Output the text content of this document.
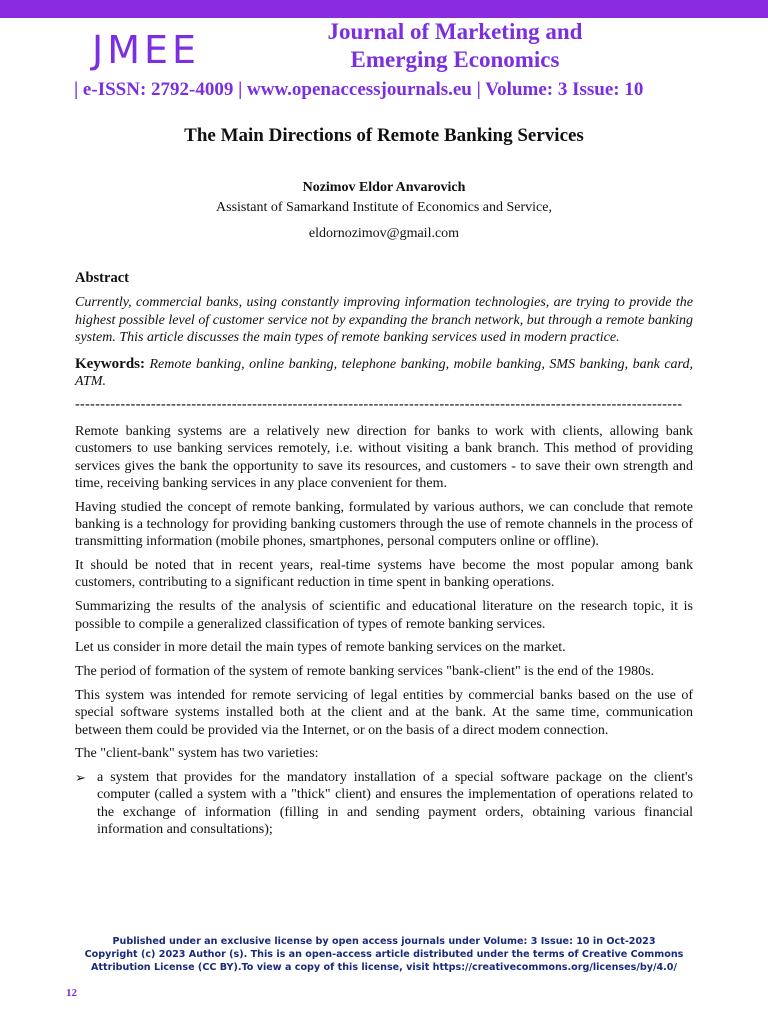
JMEE	Journal of Marketing and
Emerging Economics
| e-ISSN: 2792-4009 | www.openaccessjournals.eu | Volume: 3 Issue: 10
The Main Directions of Remote Banking Services
Nozimov Eldor Anvarovich
Assistant of Samarkand Institute of Economics and Service,
eldornozimov@gmail.com
Abstract
Currently, commercial banks, using constantly improving information technologies, are trying to provide the highest possible level of customer service not by expanding the branch network, but through a remote banking system. This article discusses the main types of remote banking services used in modern practice.
Keywords: Remote banking, online banking, telephone banking, mobile banking, SMS banking, bank card, ATM.
------------------------------------------------------------------------------------------------------------------------
Remote banking systems are a relatively new direction for banks to work with clients, allowing bank customers to use banking services remotely, i.e. without visiting a bank branch. This method of providing services gives the bank the opportunity to save its resources, and customers - to save their own strength and time, receiving banking services in any place convenient for them.
Having studied the concept of remote banking, formulated by various authors, we can conclude that remote banking is a technology for providing banking customers through the use of remote channels in the process of transmitting information (mobile phones, smartphones, personal computers online or offline).
It should be noted that in recent years, real-time systems have become the most popular among bank customers, contributing to a significant reduction in time spent in banking operations.
Summarizing the results of the analysis of scientific and educational literature on the research topic, it is possible to compile a generalized classification of types of remote banking services.
Let us consider in more detail the main types of remote banking services on the market.
The period of formation of the system of remote banking services "bank-client" is the end of the 1980s.
This system was intended for remote servicing of legal entities by commercial banks based on the use of special software systems installed both at the client and at the bank. At the same time, communication between them could be provided via the Internet, or on the basis of a direct modem connection.
The "client-bank" system has two varieties:
➢ a system that provides for the mandatory installation of a special software package on the client's computer (called a system with a "thick" client) and ensures the implementation of operations related to the exchange of information (filling in and sending payment orders, obtaining various financial information and consultations);
Published under an exclusive license by open access journals under Volume: 3 Issue: 10 in Oct-2023
Copyright (c) 2023 Author (s). This is an open-access article distributed under the terms of Creative Commons
Attribution License (CC BY).To view a copy of this license, visit https://creativecommons.org/licenses/by/4.0/
12
